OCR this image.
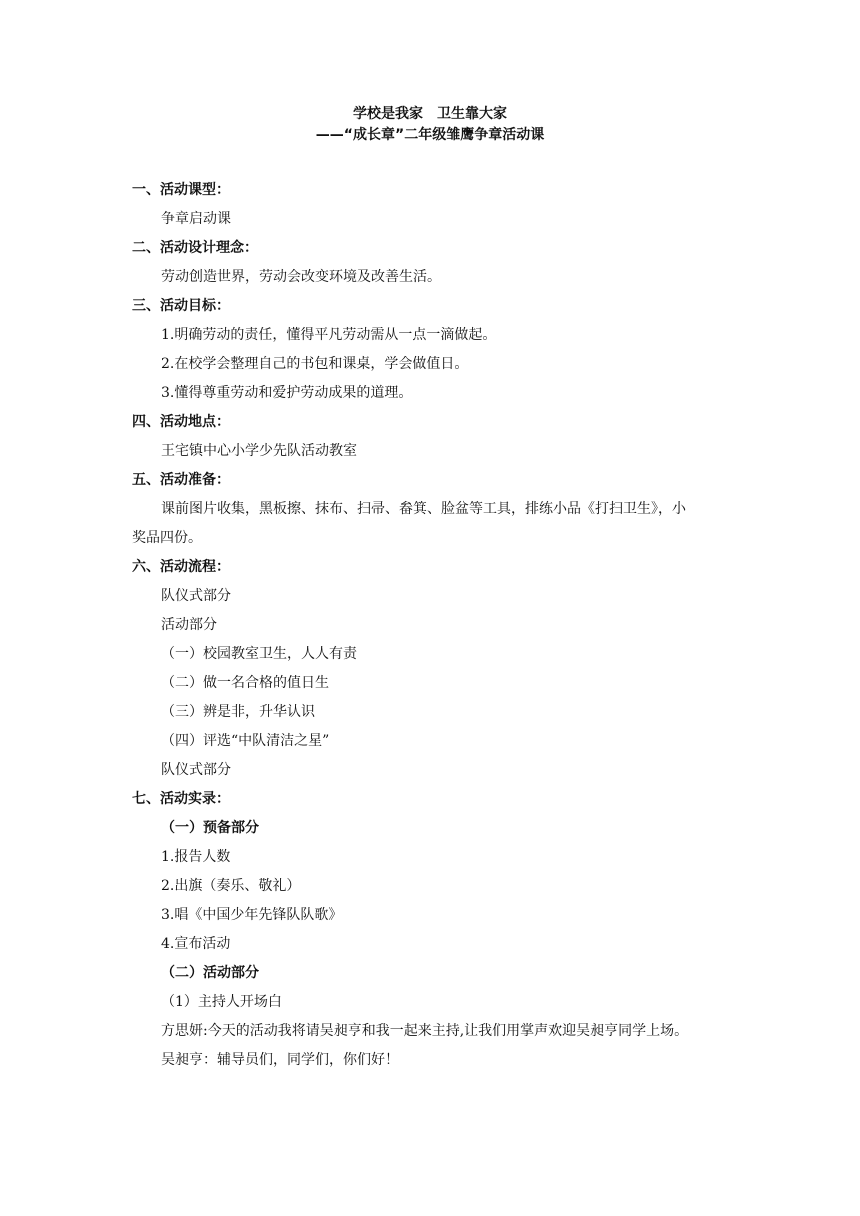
学校是我家　卫生靠大家
——“成长章”二年级雏鹰争章活动课
一、活动课型：
争章启动课
二、活动设计理念：
劳动创造世界，劳动会改变环境及改善生活。
三、活动目标：
1.明确劳动的责任，懂得平凡劳动需从一点一滴做起。
2.在校学会整理自己的书包和课桌，学会做值日。
3.懂得尊重劳动和爱护劳动成果的道理。
四、活动地点：
王宅镇中心小学少先队活动教室
五、活动准备：
课前图片收集，黑板擦、抹布、扫帚、畚箕、脸盆等工具，排练小品《打扫卫生》，小
奖品四份。
六、活动流程：
队仪式部分
活动部分
（一）校园教室卫生，人人有责
（二）做一名合格的值日生
（三）辨是非，升华认识
（四）评选“中队清洁之星”
队仪式部分
七、活动实录：
（一）预备部分
1.报告人数
2.出旗（奏乐、敬礼）
3.唱《中国少年先锋队队歌》
4.宣布活动
（二）活动部分
（1）主持人开场白
方思妍:今天的活动我将请吴昶亨和我一起来主持,让我们用掌声欢迎吴昶亨同学上场。
吴昶亨：辅导员们，同学们，你们好！
